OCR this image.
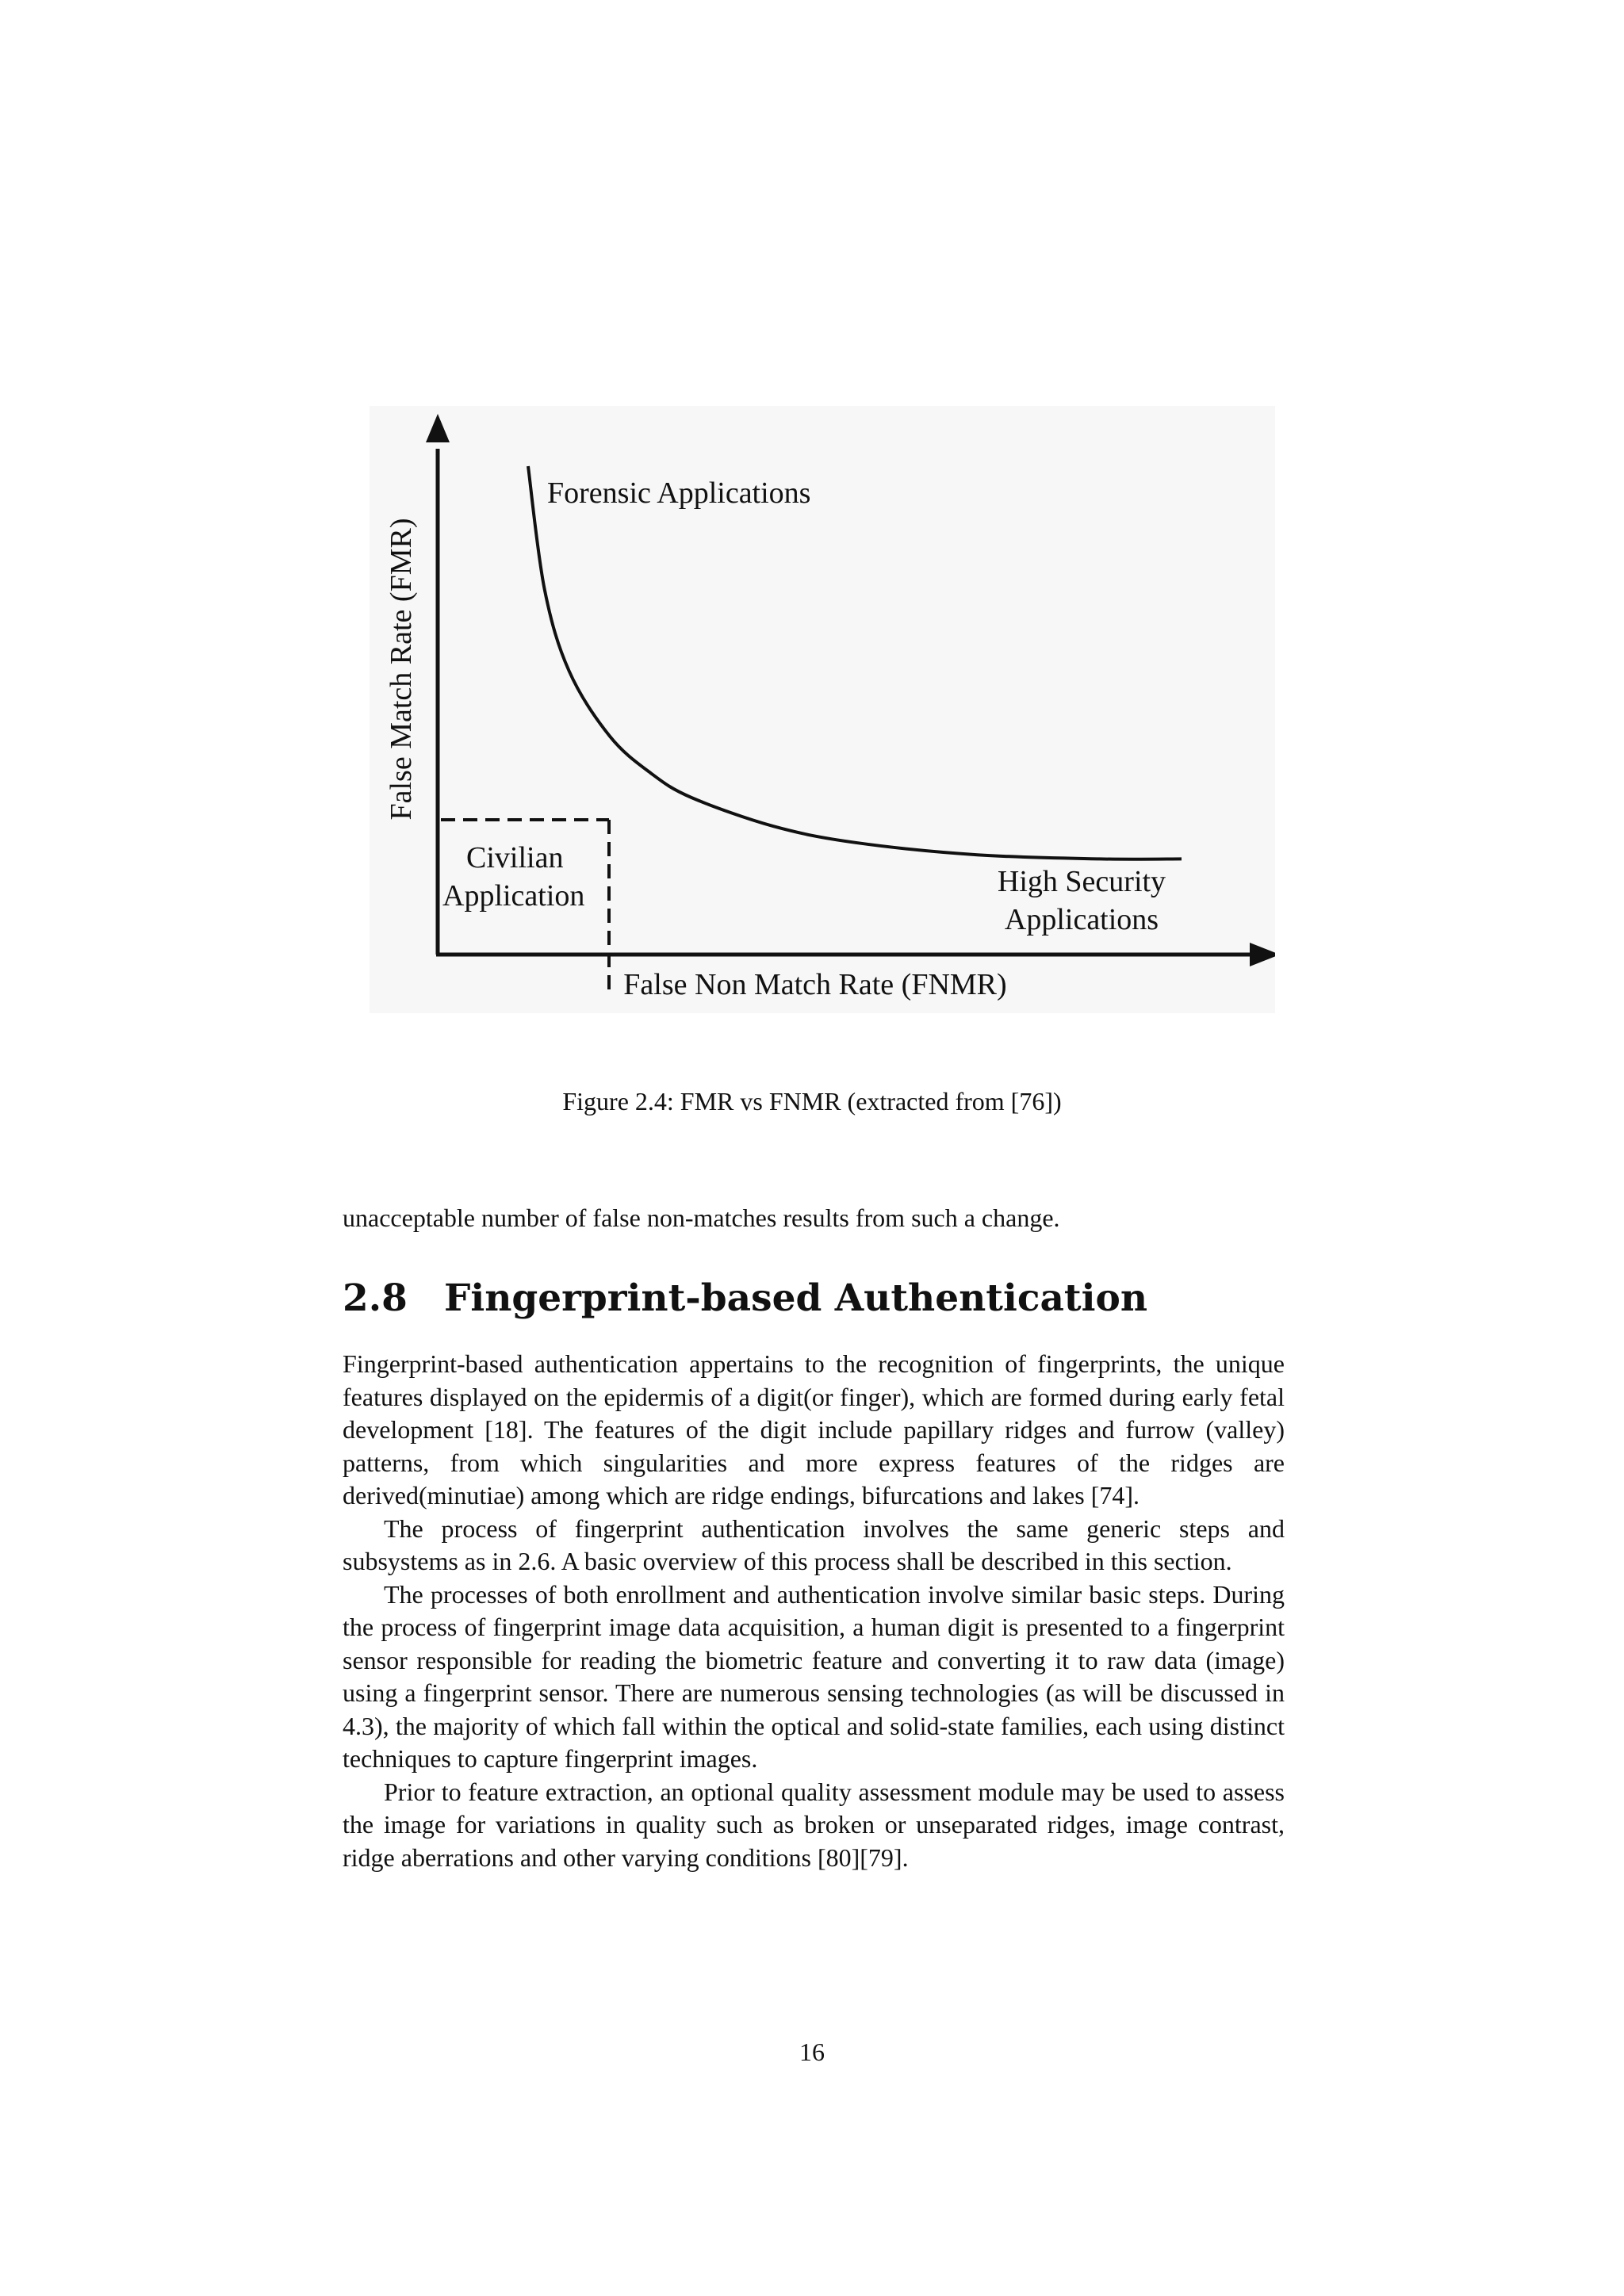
Forensic Applications
Civilian
Application	High Security
Applications
False Non Match Rate (FNMR)
False Match Rate (FMR)
Figure 2.4: FMR vs FNMR (extracted from [76])

unacceptable number of false non-matches results from such a change.

2.8 Fingerprint-based Authentication

Fingerprint-based authentication appertains to the recognition of fingerprints, the unique features displayed on the epidermis of a digit(or finger), which are formed during early fetal development [18]. The features of the digit include papillary ridges and furrow (valley) patterns, from which singularities and more express features of the ridges are derived(minutiae) among which are ridge endings, bifurcations and lakes [74].

The process of fingerprint authentication involves the same generic steps and subsystems as in 2.6. A basic overview of this process shall be described in this section.

The processes of both enrollment and authentication involve similar basic steps. During the process of fingerprint image data acquisition, a human digit is presented to a fingerprint sensor responsible for reading the biometric feature and converting it to raw data (image) using a fingerprint sensor. There are numerous sensing technologies (as will be discussed in 4.3), the majority of which fall within the optical and solid-state families, each using distinct techniques to capture fingerprint images.

Prior to feature extraction, an optional quality assessment module may be used to assess the image for variations in quality such as broken or unseparated ridges, image contrast, ridge aberrations and other varying conditions [80][79].

16
